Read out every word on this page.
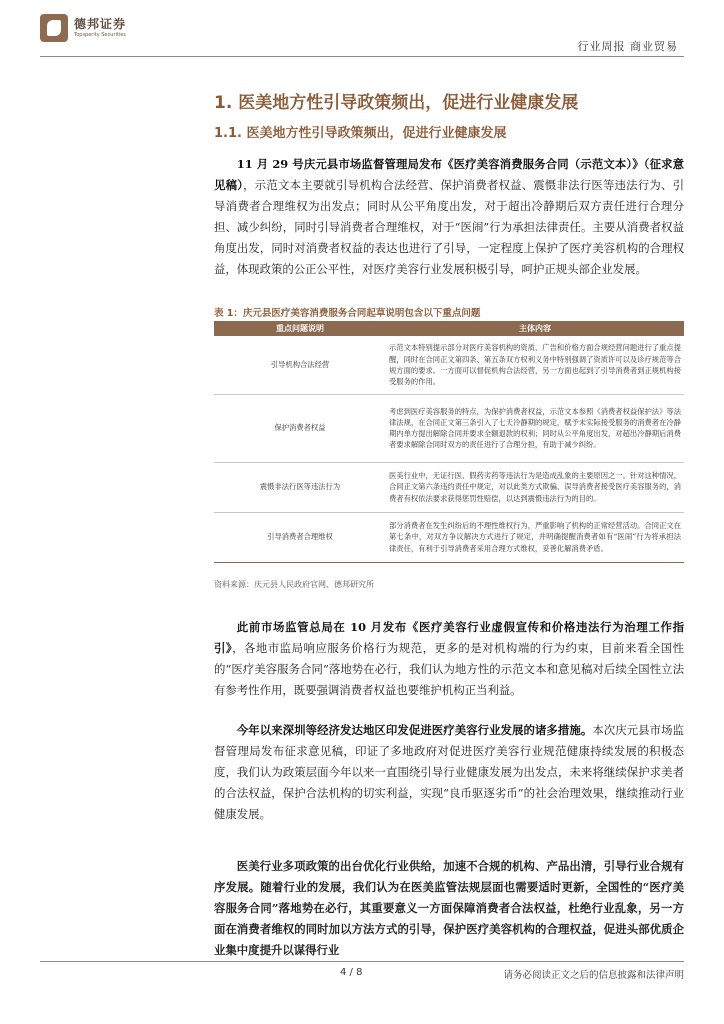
德邦证券
Topsperity Securities
行业周报 商业贸易
1. 医美地方性引导政策频出，促进行业健康发展
1.1. 医美地方性引导政策频出，促进行业健康发展

11 月 29 号庆元县市场监督管理局发布《医疗美容消费服务合同（示范文本）》（征求意见稿），示范文本主要就引导机构合法经营、保护消费者权益、震慑非法行医等违法行为、引导消费者合理维权为出发点；同时从公平角度出发，对于超出冷静期后双方责任进行合理分担、减少纠纷，同时引导消费者合理维权，对于“医闹”行为承担法律责任。主要从消费者权益角度出发，同时对消费者权益的表达也进行了引导，一定程度上保护了医疗美容机构的合理权益，体现政策的公正公平性，对医疗美容行业发展积极引导，呵护正规头部企业发展。

表 1：庆元县医疗美容消费服务合同起草说明包含以下重点问题
重点问题说明	主体内容
引导机构合法经营	示范文本特别提示部分对医疗美容机构的资质、广告和价格方面合规经营问题进行了重点提醒，同时在合同正文第四条、第五条双方权利义务中特别强调了资质许可以及诊疗规范等合规方面的要求。一方面可以督促机构合法经营，另一方面也起到了引导消费者到正规机构接受服务的作用。
保护消费者权益	考虑到医疗美容服务的特点，为保护消费者权益，示范文本参照《消费者权益保护法》等法律法规，在合同正文第三条引入了七天冷静期的规定，赋予未实际接受服务的消费者在冷静期内单方提出解除合同并要求全额退款的权利；同时从公平角度出发，对超出冷静期后消费者要求解除合同时双方的责任进行了合理分担，有助于减少纠纷。
震慑非法行医等违法行为	医美行业中，无证行医、假药劣药等违法行为是造成乱象的主要原因之一。针对这种情况，合同正文第六条违约责任中规定，对以此类方式欺骗、误导消费者接受医疗美容服务的，消费者有权依法要求获得惩罚性赔偿，以达到震慑违法行为的目的。
引导消费者合理维权	部分消费者在发生纠纷后的不理性维权行为，严重影响了机构的正常经营活动。合同正文在第七条中，对双方争议解决方式进行了规定，并明确提醒消费者如有“医闹”行为将承担法律责任，有利于引导消费者采用合理方式维权，妥善化解消费矛盾。
资料来源：庆元县人民政府官网、德邦研究所

此前市场监管总局在 10 月发布《医疗美容行业虚假宣传和价格违法行为治理工作指引》，各地市监局响应服务价格行为规范，更多的是对机构端的行为约束，目前来看全国性的“医疗美容服务合同”落地势在必行，我们认为地方性的示范文本和意见稿对后续全国性立法有参考性作用，既要强调消费者权益也要维护机构正当利益。

今年以来深圳等经济发达地区印发促进医疗美容行业发展的诸多措施。本次庆元县市场监督管理局发布征求意见稿，印证了多地政府对促进医疗美容行业规范健康持续发展的积极态度，我们认为政策层面今年以来一直围绕引导行业健康发展为出发点，未来将继续保护求美者的合法权益，保护合法机构的切实利益，实现“良币驱逐劣币”的社会治理效果，继续推动行业健康发展。

医美行业多项政策的出台优化行业供给，加速不合规的机构、产品出清，引导行业合规有序发展。随着行业的发展，我们认为在医美监管法规层面也需要适时更新，全国性的“医疗美容服务合同”落地势在必行，其重要意义一方面保障消费者合法权益，杜绝行业乱象，另一方面在消费者维权的同时加以方法方式的引导，保护医疗美容机构的合理权益，促进头部优质企业集中度提升以谋得行业

4 / 8	请务必阅读正文之后的信息披露和法律声明
